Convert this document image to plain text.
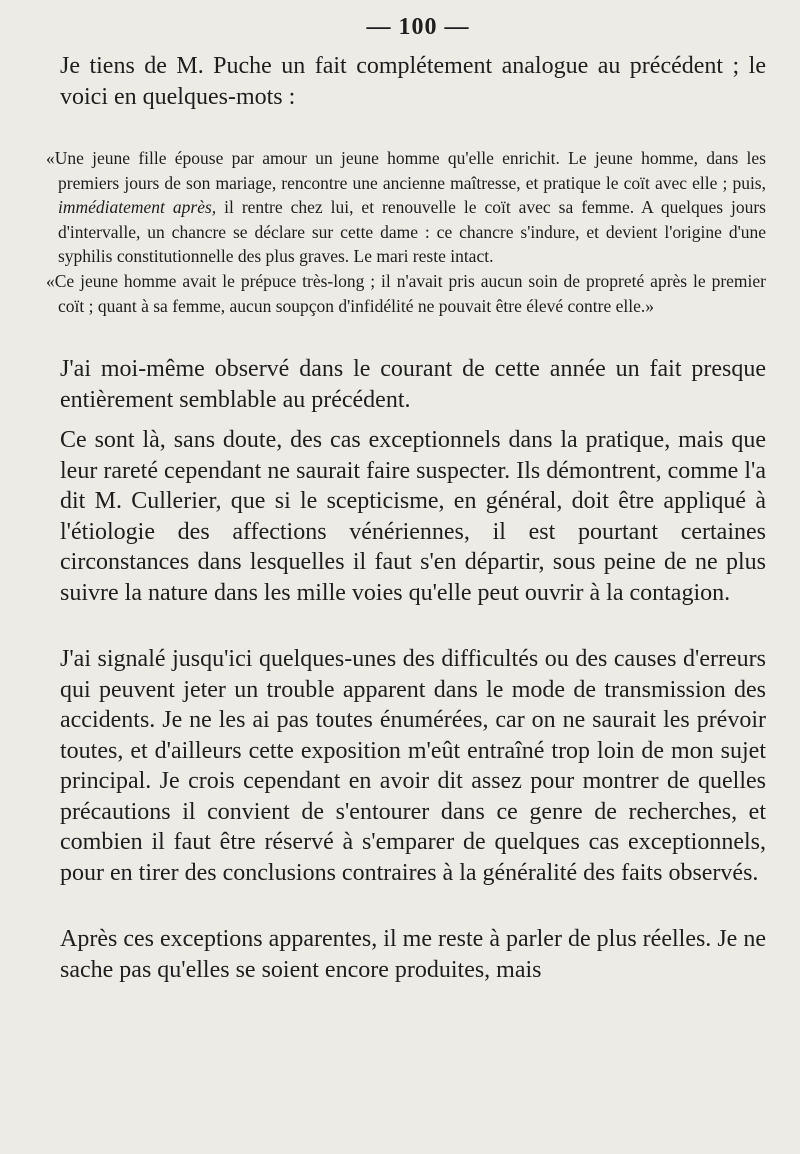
— 100 —

Je tiens de M. Puche un fait complétement analogue au précédent ; le voici en quelques-mots :

«Une jeune fille épouse par amour un jeune homme qu'elle enrichit. Le jeune homme, dans les premiers jours de son mariage, rencontre une ancienne maîtresse, et pratique le coït avec elle ; puis, immédiatement après, il rentre chez lui, et renouvelle le coït avec sa femme. A quelques jours d'intervalle, un chancre se déclare sur cette dame : ce chancre s'indure, et devient l'origine d'une syphilis constitutionnelle des plus graves. Le mari reste intact.

«Ce jeune homme avait le prépuce très-long ; il n'avait pris aucun soin de propreté après le premier coït ; quant à sa femme, aucun soupçon d'infidélité ne pouvait être élevé contre elle.»

J'ai moi-même observé dans le courant de cette année un fait presque entièrement semblable au précédent.

Ce sont là, sans doute, des cas exceptionnels dans la pratique, mais que leur rareté cependant ne saurait faire suspecter. Ils démontrent, comme l'a dit M. Cullerier, que si le scepticisme, en général, doit être appliqué à l'étiologie des affections vénériennes, il est pourtant certaines circonstances dans lesquelles il faut s'en départir, sous peine de ne plus suivre la nature dans les mille voies qu'elle peut ouvrir à la contagion.

J'ai signalé jusqu'ici quelques-unes des difficultés ou des causes d'erreurs qui peuvent jeter un trouble apparent dans le mode de transmission des accidents. Je ne les ai pas toutes énumérées, car on ne saurait les prévoir toutes, et d'ailleurs cette exposition m'eût entraîné trop loin de mon sujet principal. Je crois cependant en avoir dit assez pour montrer de quelles précautions il convient de s'entourer dans ce genre de recherches, et combien il faut être réservé à s'emparer de quelques cas exceptionnels, pour en tirer des conclusions contraires à la généralité des faits observés.

Après ces exceptions apparentes, il me reste à parler de plus réelles. Je ne sache pas qu'elles se soient encore produites, mais
